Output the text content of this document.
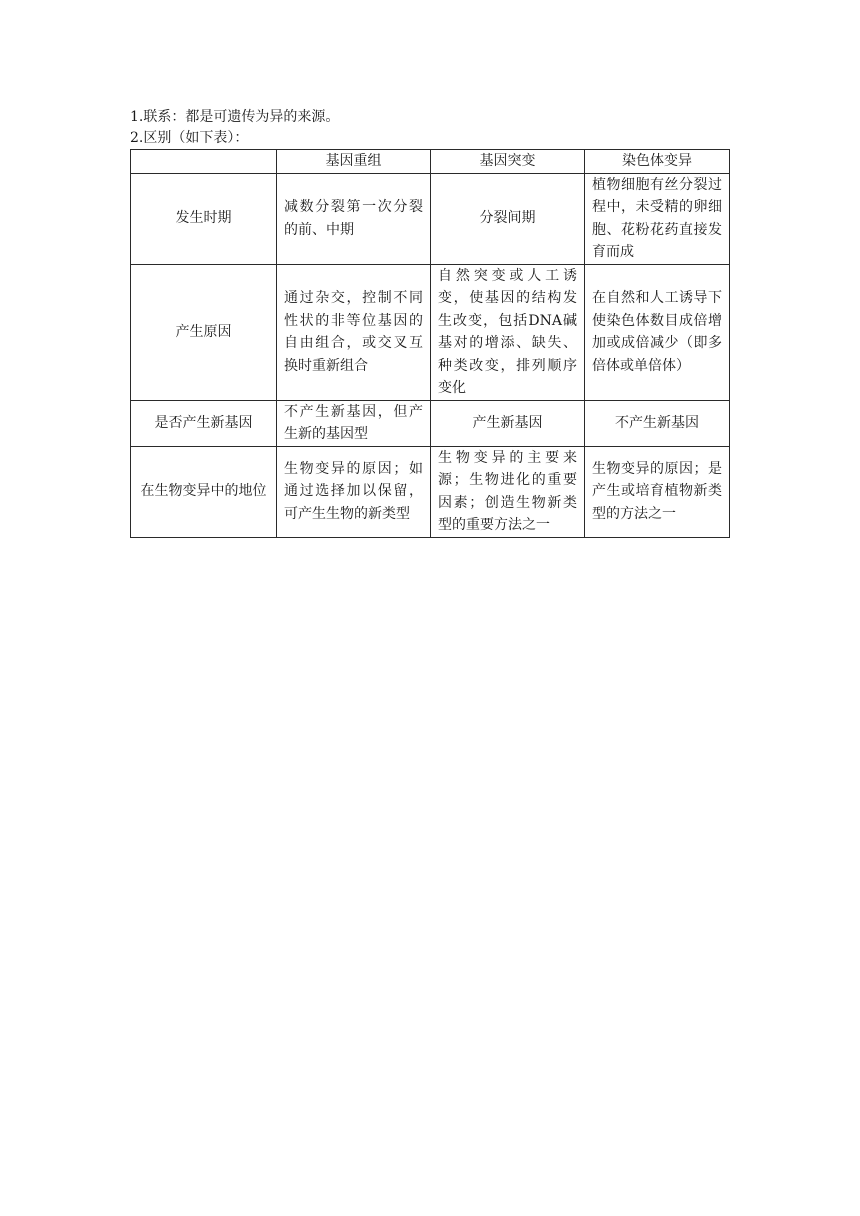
1.联系：都是可遗传为异的来源。
2.区别（如下表）：
	基因重组	基因突变	染色体变异
发生时期	减数分裂第一次分裂的前、中期	分裂间期	植物细胞有丝分裂过程中，未受精的卵细胞、花粉花药直接发育而成
产生原因	通过杂交，控制不同性状的非等位基因的自由组合，或交叉互换时重新组合	自然突变或人工诱变，使基因的结构发生改变，包括DNA碱基对的增添、缺失、种类改变，排列顺序变化	在自然和人工诱导下使染色体数目成倍增加或成倍减少（即多倍体或单倍体）
是否产生新基因	不产生新基因，但产生新的基因型	产生新基因	不产生新基因
在生物变异中的地位	生物变异的原因；如通过选择加以保留，可产生生物的新类型	生物变异的主要来源；生物进化的重要因素；创造生物新类型的重要方法之一	生物变异的原因；是产生或培育植物新类型的方法之一
